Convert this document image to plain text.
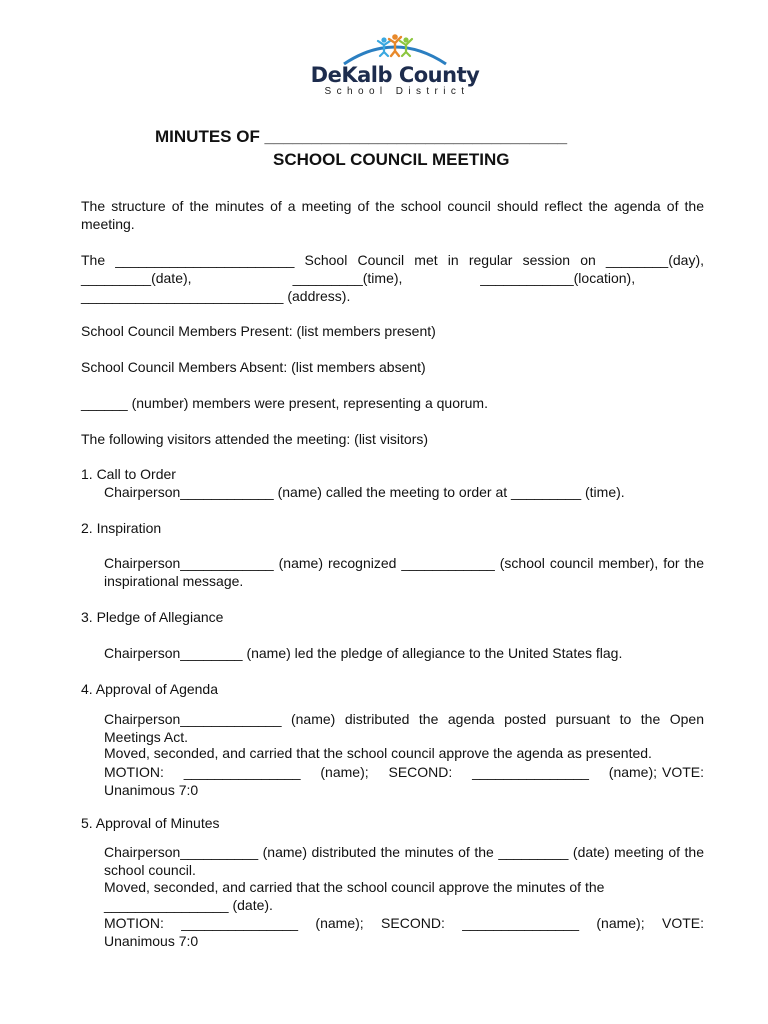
DeKalb County
School District
MINUTES OF ________________________________
SCHOOL COUNCIL MEETING
The structure of the minutes of a meeting of the school council should reflect the agenda of the meeting.
The _______________________ School Council met in regular session on ________(day),
_________(date),                          _________(time),                    ____________(location),
__________________________ (address).
School Council Members Present: (list members present)
School Council Members Absent: (list members absent)
______ (number) members were present, representing a quorum.
The following visitors attended the meeting: (list visitors)
1. Call to Order
Chairperson____________ (name) called the meeting to order at _________ (time).
2. Inspiration
Chairperson____________ (name) recognized ____________ (school council member), for the inspirational message.
3. Pledge of Allegiance
Chairperson________ (name) led the pledge of allegiance to the United States flag.
4. Approval of Agenda
Chairperson_____________ (name) distributed the agenda posted pursuant to the Open Meetings Act.
Moved, seconded, and carried that the school council approve the agenda as presented.
MOTION:    _______________    (name);    SECOND:    _______________    (name); VOTE: Unanimous 7:0
5. Approval of Minutes
Chairperson__________ (name) distributed the minutes of the _________ (date) meeting of the school council.
Moved, seconded, and carried that the school council approve the minutes of the
________________ (date).
MOTION:  _______________  (name);  SECOND:  _______________  (name);  VOTE: Unanimous 7:0
